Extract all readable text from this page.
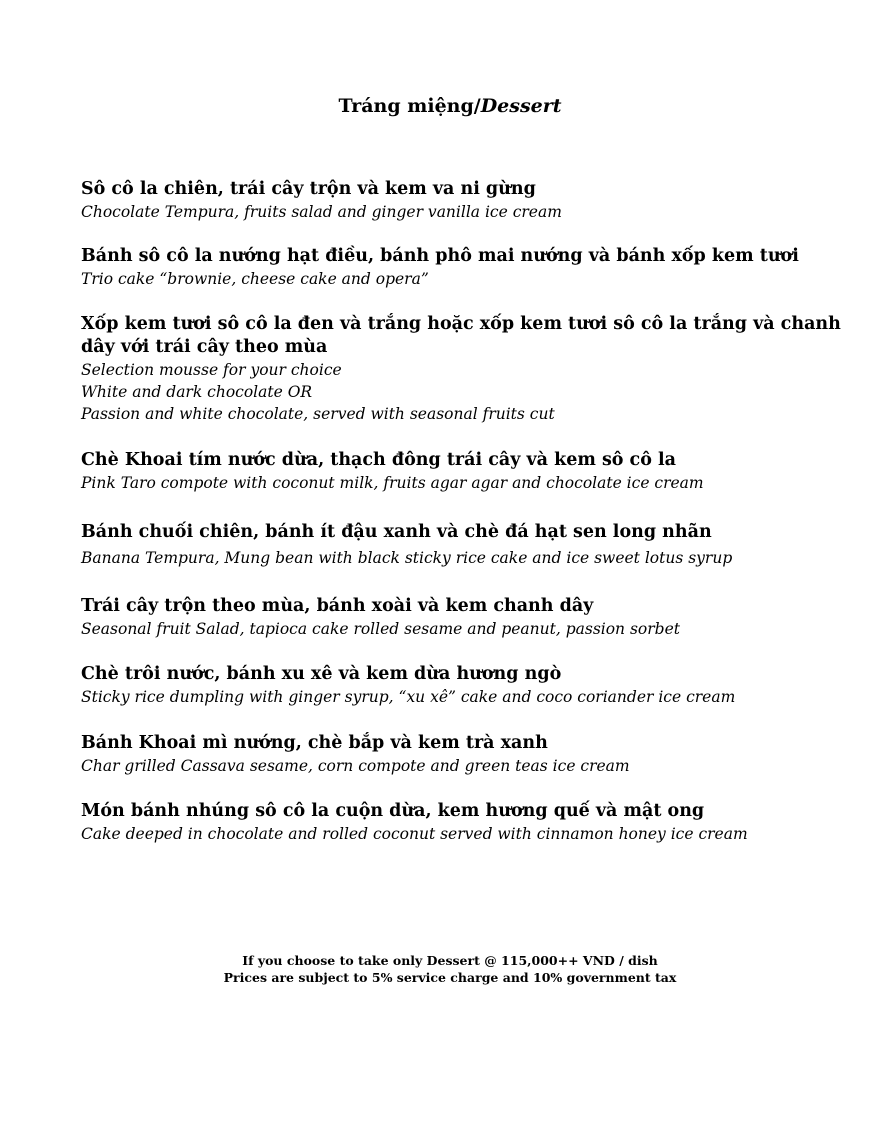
Tráng miệng/Dessert
Sô cô la chiên, trái cây trộn và kem va ni gừng
Chocolate Tempura, fruits salad and ginger vanilla ice cream
Bánh sô cô la nướng hạt điều, bánh phô mai nướng và bánh xốp kem tươi
Trio cake “brownie, cheese cake and opera”
Xốp kem tươi sô cô la đen và trắng hoặc xốp kem tươi sô cô la trắng và chanh dây với trái cây theo mùa
Selection mousse for your choice
White and dark chocolate OR
Passion and white chocolate, served with seasonal fruits cut
Chè Khoai tím nước dừa, thạch đông trái cây và kem sô cô la
Pink Taro compote with coconut milk, fruits agar agar and chocolate ice cream
Bánh chuối chiên, bánh ít đậu xanh và chè đá hạt sen long nhãn
Banana Tempura, Mung bean with black sticky rice cake and ice sweet lotus syrup
Trái cây trộn theo mùa, bánh xoài và kem chanh dây
Seasonal fruit Salad, tapioca cake rolled sesame and peanut, passion sorbet
Chè trôi nước, bánh xu xê và kem dừa hương ngò
Sticky rice dumpling with ginger syrup, “xu xê” cake and coco coriander ice cream
Bánh Khoai mì nướng, chè bắp và kem trà xanh
Char grilled Cassava sesame, corn compote and green teas ice cream
Món bánh nhúng sô cô la cuộn dừa, kem hương quế và mật ong
Cake deeped in chocolate and rolled coconut served with cinnamon honey ice cream
If you choose to take only Dessert @ 115,000++ VND / dish
Prices are subject to 5% service charge and 10% government tax
